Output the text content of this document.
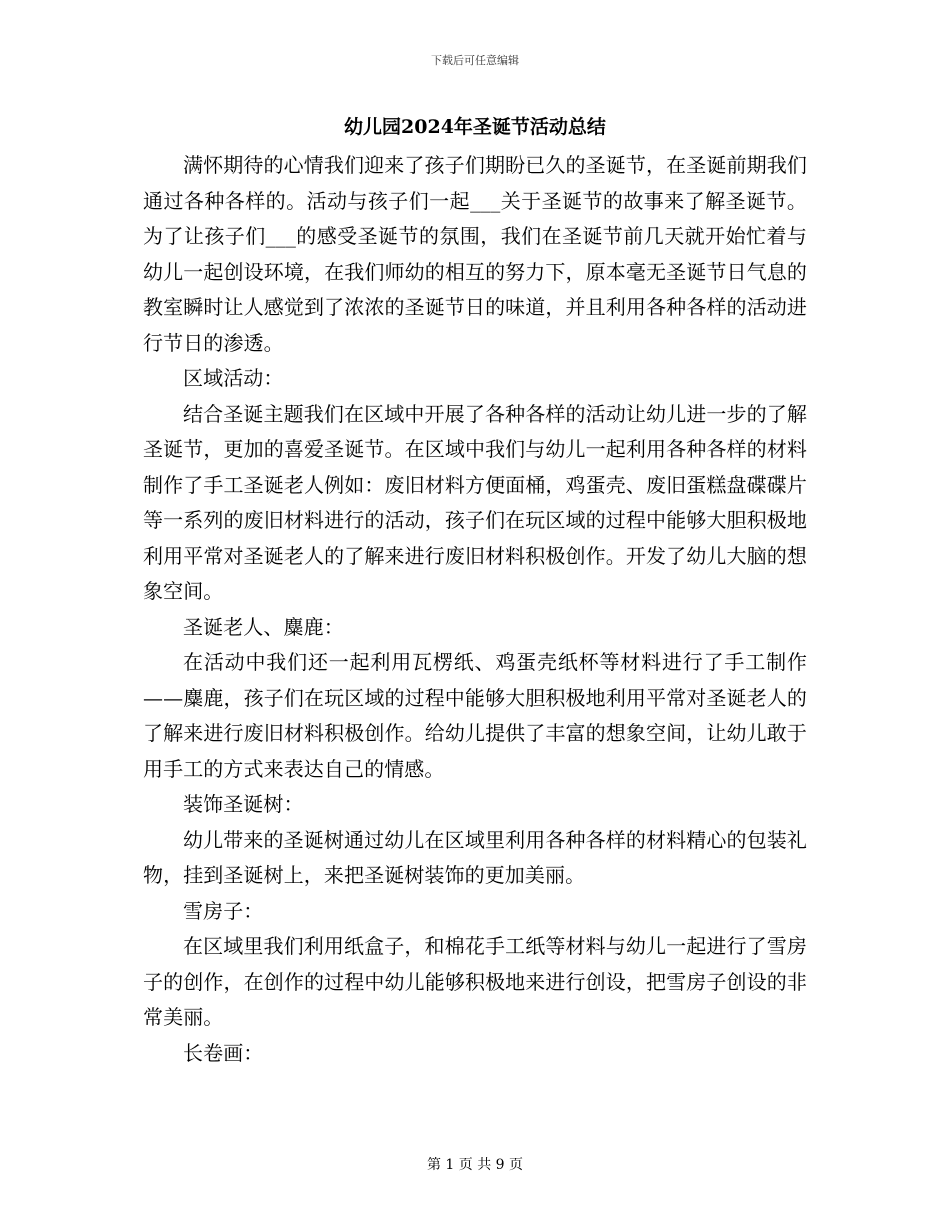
下载后可任意编辑
幼儿园2024年圣诞节活动总结

满怀期待的心情我们迎来了孩子们期盼已久的圣诞节，在圣诞前期我们通过各种各样的。活动与孩子们一起___关于圣诞节的故事来了解圣诞节。为了让孩子们___的感受圣诞节的氛围，我们在圣诞节前几天就开始忙着与幼儿一起创设环境，在我们师幼的相互的努力下，原本毫无圣诞节日气息的教室瞬时让人感觉到了浓浓的圣诞节日的味道，并且利用各种各样的活动进行节日的渗透。

区域活动：

结合圣诞主题我们在区域中开展了各种各样的活动让幼儿进一步的了解圣诞节，更加的喜爱圣诞节。在区域中我们与幼儿一起利用各种各样的材料制作了手工圣诞老人例如：废旧材料方便面桶，鸡蛋壳、废旧蛋糕盘碟碟片等一系列的废旧材料进行的活动，孩子们在玩区域的过程中能够大胆积极地利用平常对圣诞老人的了解来进行废旧材料积极创作。开发了幼儿大脑的想象空间。

圣诞老人、麋鹿：

在活动中我们还一起利用瓦楞纸、鸡蛋壳纸杯等材料进行了手工制作——麋鹿，孩子们在玩区域的过程中能够大胆积极地利用平常对圣诞老人的了解来进行废旧材料积极创作。给幼儿提供了丰富的想象空间，让幼儿敢于用手工的方式来表达自己的情感。

装饰圣诞树：

幼儿带来的圣诞树通过幼儿在区域里利用各种各样的材料精心的包装礼物，挂到圣诞树上，来把圣诞树装饰的更加美丽。

雪房子：

在区域里我们利用纸盒子，和棉花手工纸等材料与幼儿一起进行了雪房子的创作，在创作的过程中幼儿能够积极地来进行创设，把雪房子创设的非常美丽。

长卷画：

第 1 页 共 9 页
